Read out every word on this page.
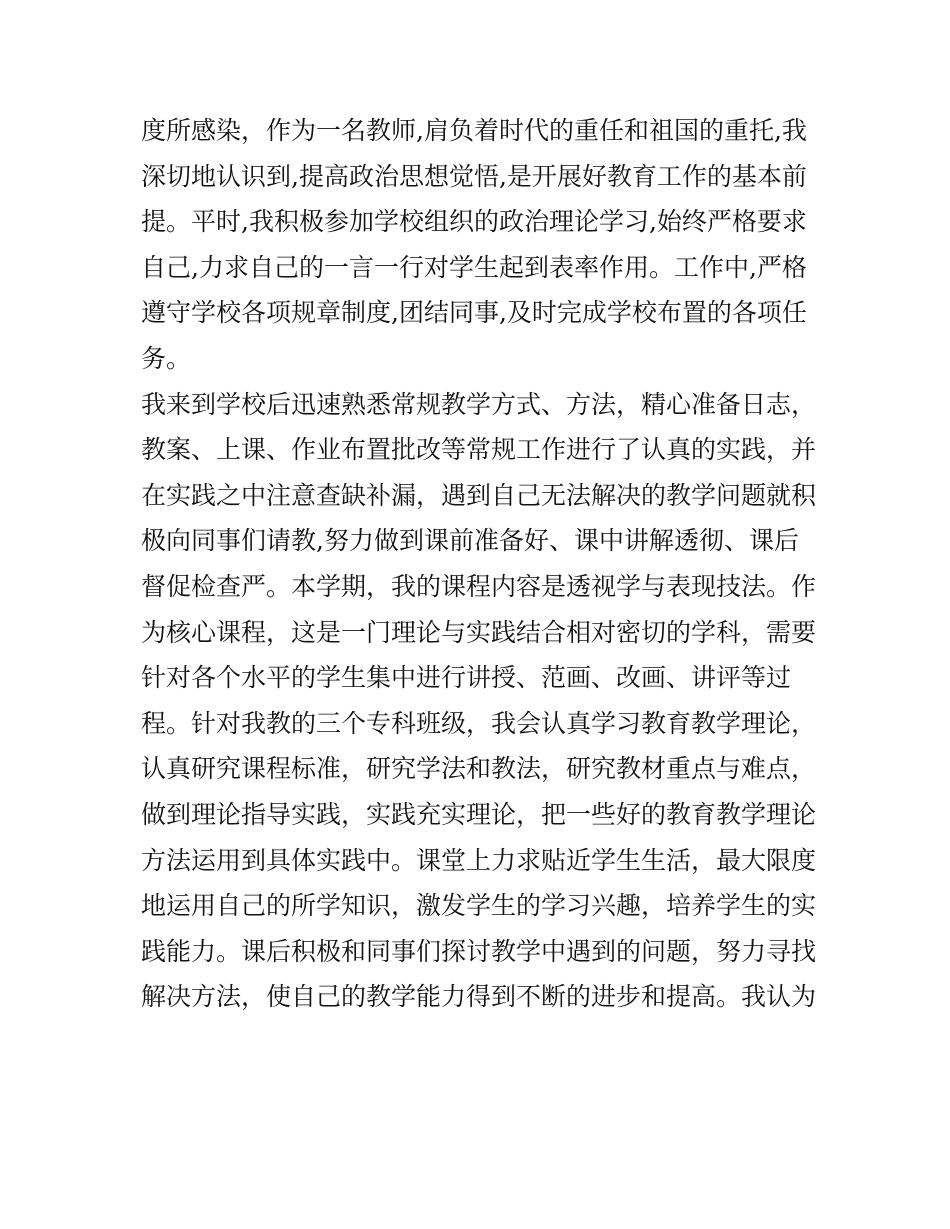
度所感染，作为一名教师,肩负着时代的重任和祖国的重托,我
深切地认识到,提高政治思想觉悟,是开展好教育工作的基本前
提。平时,我积极参加学校组织的政治理论学习,始终严格要求
自己,力求自己的一言一行对学生起到表率作用。工作中,严格
遵守学校各项规章制度,团结同事,及时完成学校布置的各项任
务。
我来到学校后迅速熟悉常规教学方式、方法，精心准备日志，
教案、上课、作业布置批改等常规工作进行了认真的实践，并
在实践之中注意查缺补漏，遇到自己无法解决的教学问题就积
极向同事们请教,努力做到课前准备好、课中讲解透彻、课后
督促检查严。本学期，我的课程内容是透视学与表现技法。作
为核心课程，这是一门理论与实践结合相对密切的学科，需要
针对各个水平的学生集中进行讲授、范画、改画、讲评等过
程。针对我教的三个专科班级，我会认真学习教育教学理论，
认真研究课程标准，研究学法和教法，研究教材重点与难点，
做到理论指导实践，实践充实理论，把一些好的教育教学理论
方法运用到具体实践中。课堂上力求贴近学生生活，最大限度
地运用自己的所学知识，激发学生的学习兴趣，培养学生的实
践能力。课后积极和同事们探讨教学中遇到的问题，努力寻找
解决方法，使自己的教学能力得到不断的进步和提高。我认为
